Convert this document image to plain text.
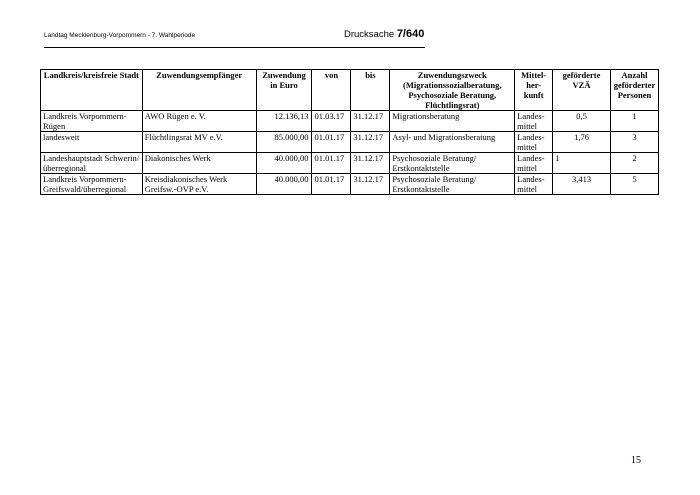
Landtag Mecklenburg-Vorpommern - 7. Wahlperiode	Drucksache 7/640
Landkreis/kreisfreie Stadt	Zuwendungsempfänger	Zuwendung in Euro	von	bis	Zuwendungszweck (Migrationssozialberatung, Psychosoziale Beratung, Flüchtlingsrat)	Mittel-her-kunft	geförderte VZÄ	Anzahl geförderter Personen
Landkreis Vorpommern-Rügen	AWO Rügen e. V.	12.136,13	01.03.17	31.12.17	Migrationsberatung	Landes-mittel	0,5	1
landesweit	Flüchtlingsrat MV e.V.	85.000,00	01.01.17	31.12.17	Asyl- und Migrationsberatung	Landes-mittel	1,76	3
Landeshauptstadt Schwerin/überregional	Diakonisches Werk	40.000,00	01.01.17	31.12.17	Psychosoziale Beratung/ Erstkontaktstelle	Landes-mittel	1	2
Landkreis Vorpommern-Greifswald/überregional	Kreisdiakonisches Werk Greifsw.-OVP e.V.	40.000,00	01.01.17	31.12.17	Psychosoziale Beratung/ Erstkontaktstelle	Landes-mittel	3,413	5
15
